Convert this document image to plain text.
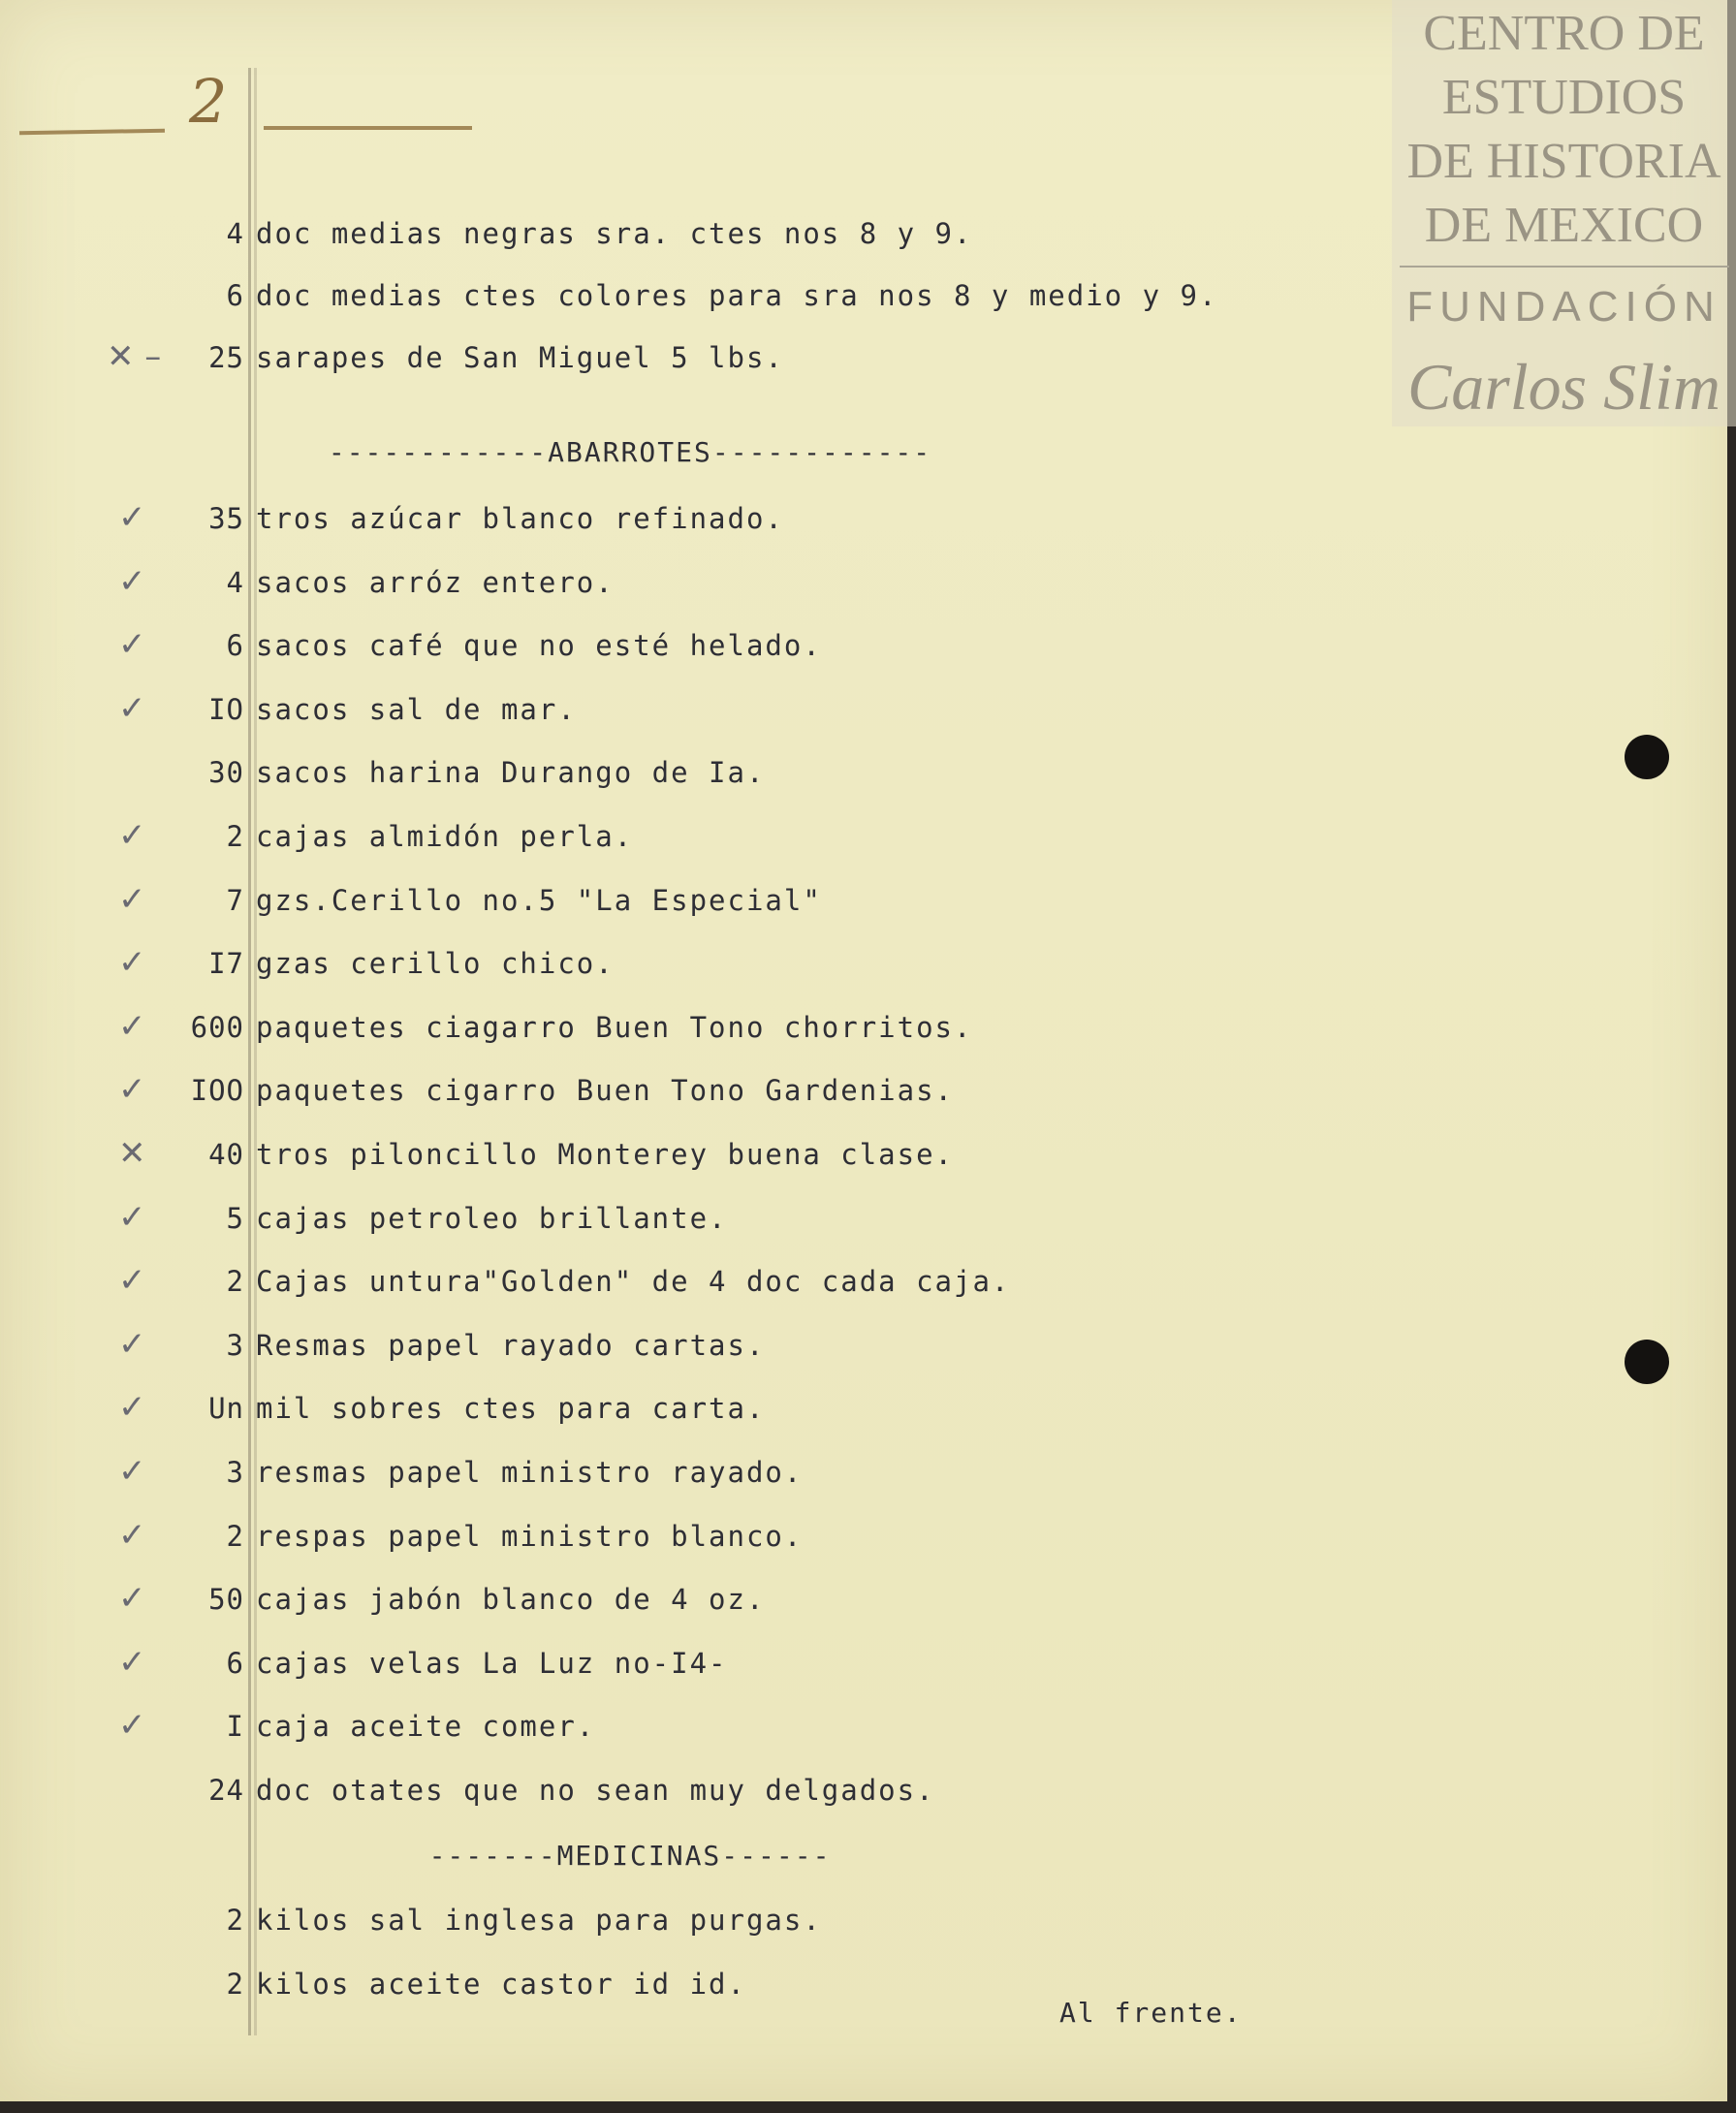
CENTRO DE
ESTUDIOS
DE HISTORIA
DE MEXICO
FUNDACIÓN
Carlos Slim
2
4 doc medias negras sra. ctes nos 8 y 9.
6 doc medias ctes colores para sra nos 8 y medio y 9.
✕ – 25 sarapes de San Miguel 5 lbs.
------------ABARROTES------------
✓ 35 tros azúcar blanco refinado.
✓	4 sacos arróz entero.
✓	6 sacos café que no esté helado.
✓ IO sacos sal de mar.
30 sacos harina Durango de Ia.
✓	2 cajas almidón perla.
✓	7 gzs.Cerillo no.5 "La Especial"
✓ I7 gzas cerillo chico.
✓ 600 paquetes ciagarro Buen Tono chorritos.
✓ IOO paquetes cigarro Buen Tono Gardenias.
✕ 40 tros piloncillo Monterey buena clase.
✓	5 cajas petroleo brillante.
✓	2 Cajas untura"Golden" de 4 doc cada caja.
✓	3 Resmas papel rayado cartas.
✓ Un mil sobres ctes para carta.
✓	3 resmas papel ministro rayado.
✓	2 respas papel ministro blanco.
✓ 50 cajas jabón blanco de 4 oz.
✓	6 cajas velas La Luz no-I4-
✓	I caja aceite comer.
24 doc otates que no sean muy delgados.
-------MEDICINAS------
2 kilos sal inglesa para purgas.
2 kilos aceite castor id id.
Al frente.
